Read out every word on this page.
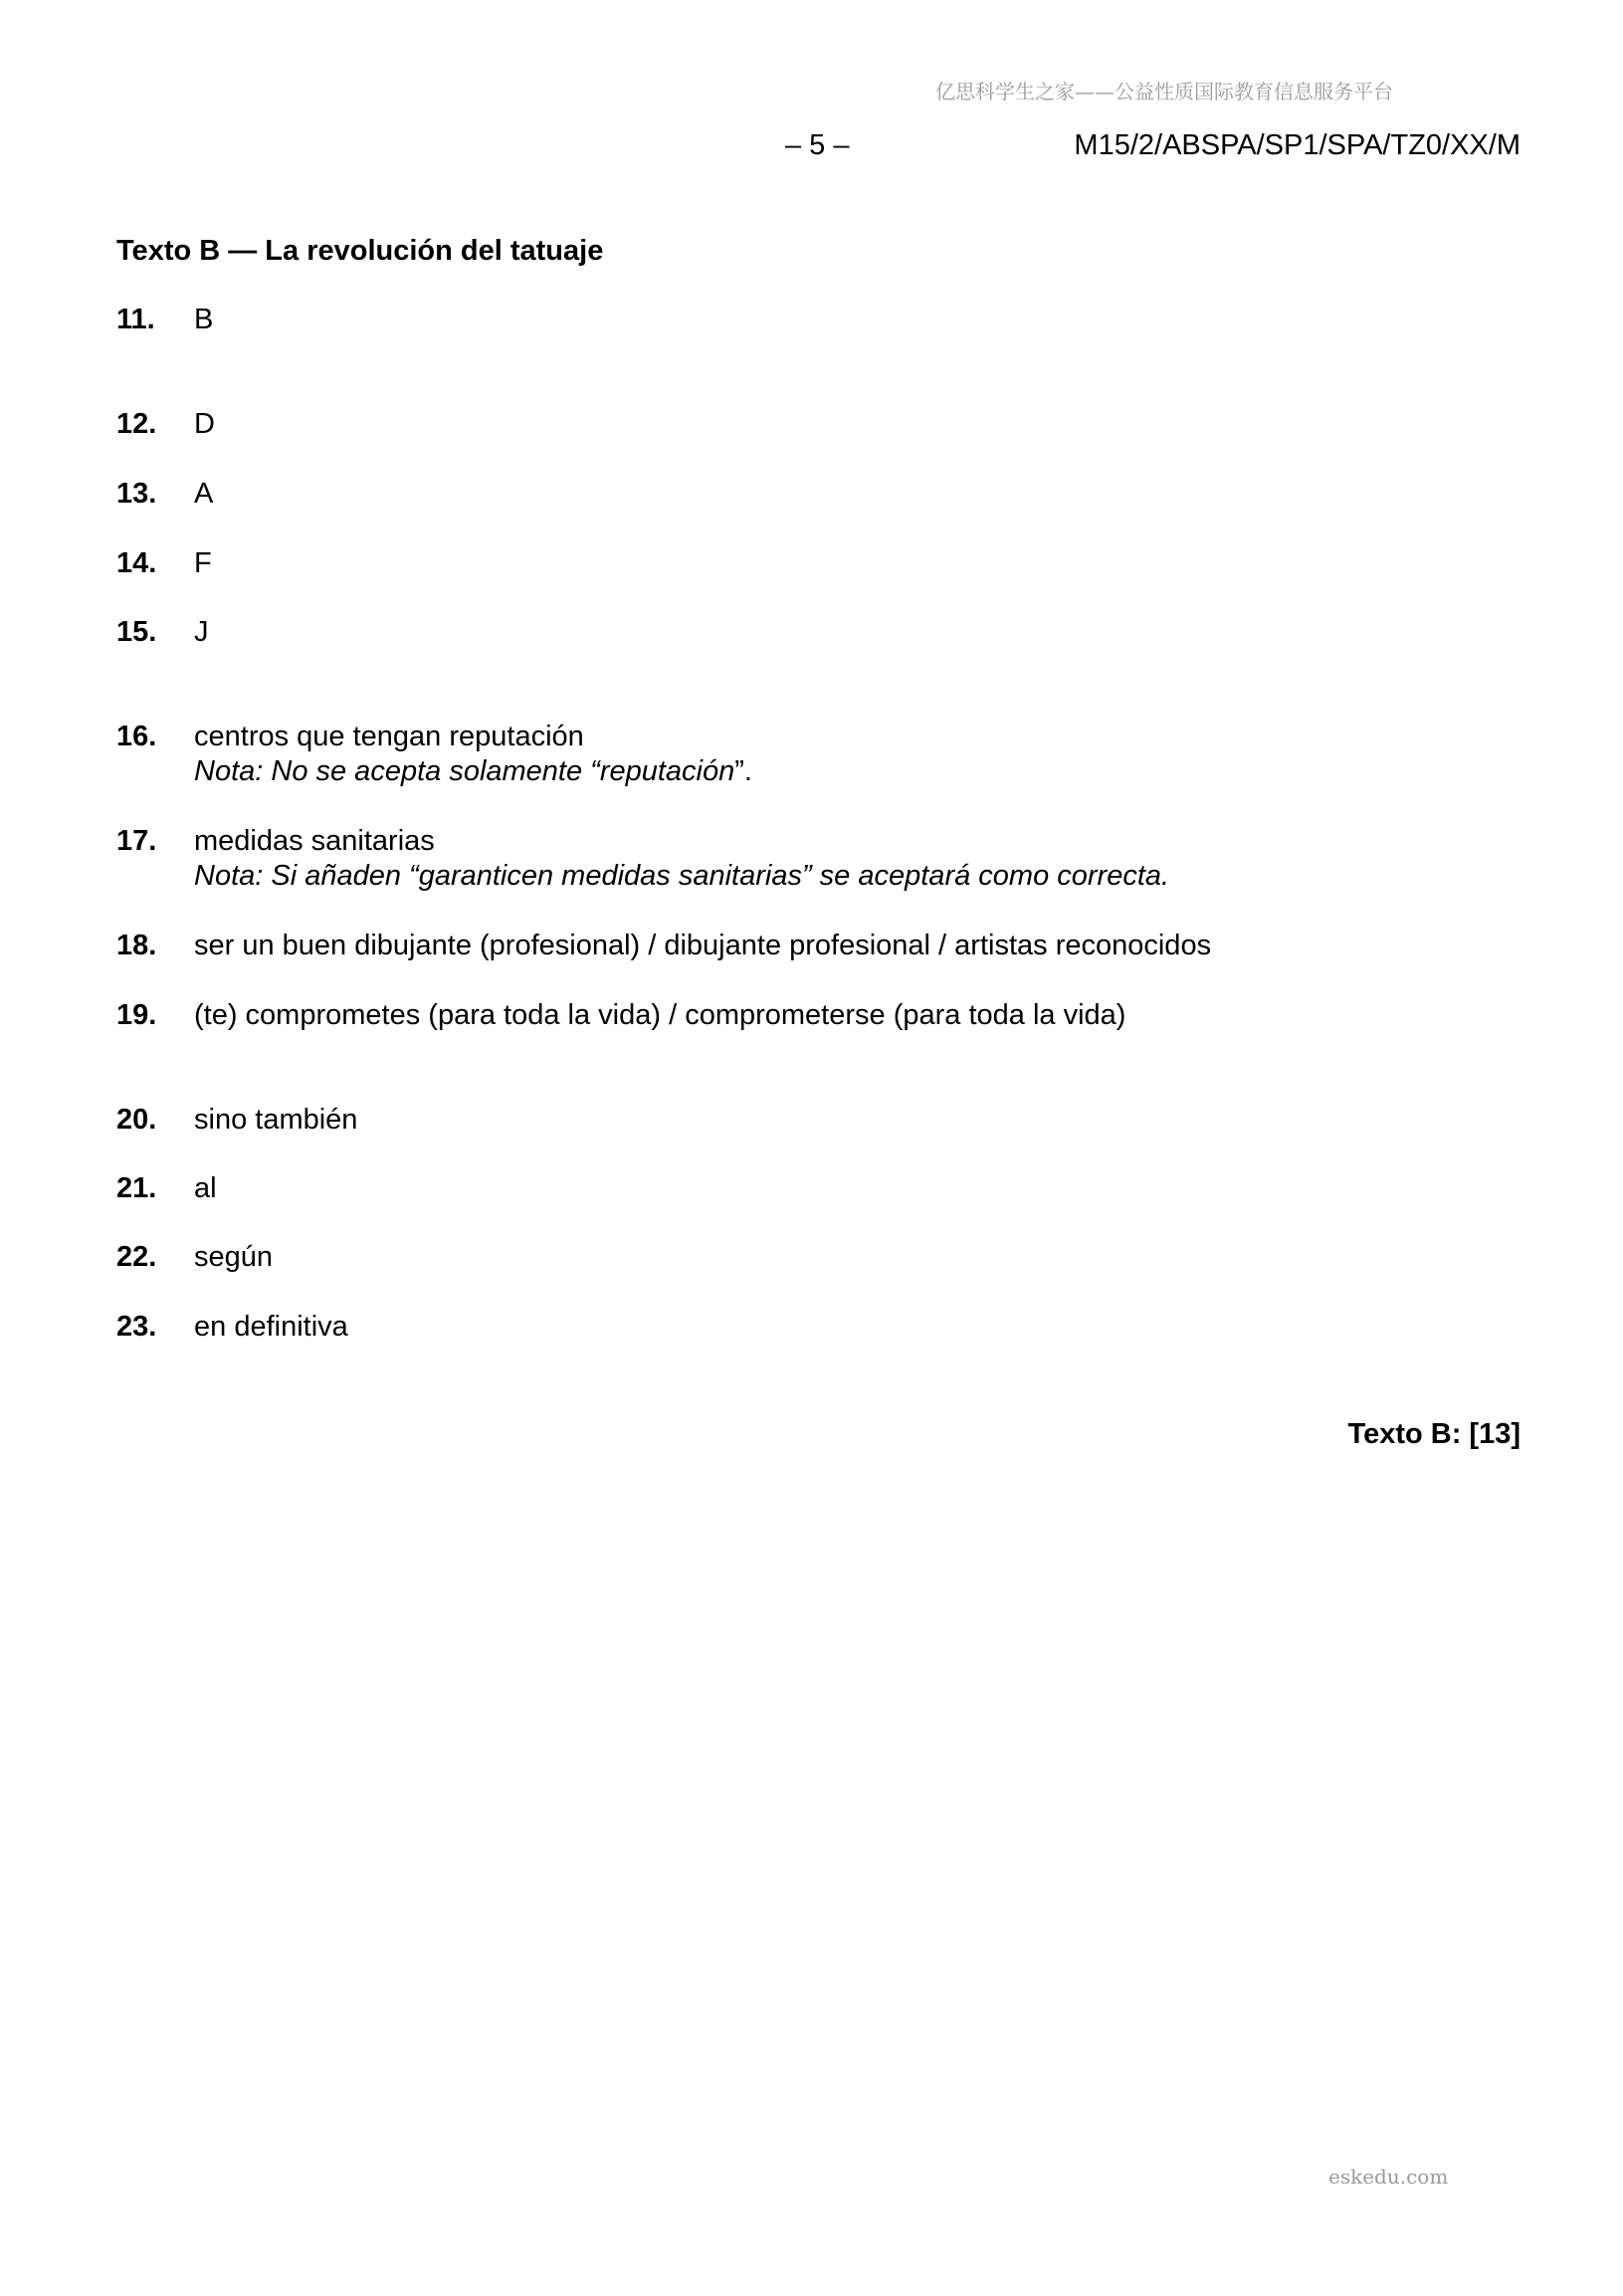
亿思科学生之家——公益性质国际教育信息服务平台
– 5 –	M15/2/ABSPA/SP1/SPA/TZ0/XX/M
Texto B — La revolución del tatuaje
11. B
12. D
13. A
14. F
15. J
16. centros que tengan reputación
Nota: No se acepta solamente “reputación”.
17. medidas sanitarias
Nota: Si añaden “garanticen medidas sanitarias” se aceptará como correcta.
18. ser un buen dibujante (profesional) / dibujante profesional / artistas reconocidos
19. (te) comprometes (para toda la vida) / comprometerse (para toda la vida)
20. sino también
21. al
22. según
23. en definitiva
Texto B: [13]
eskedu.com
